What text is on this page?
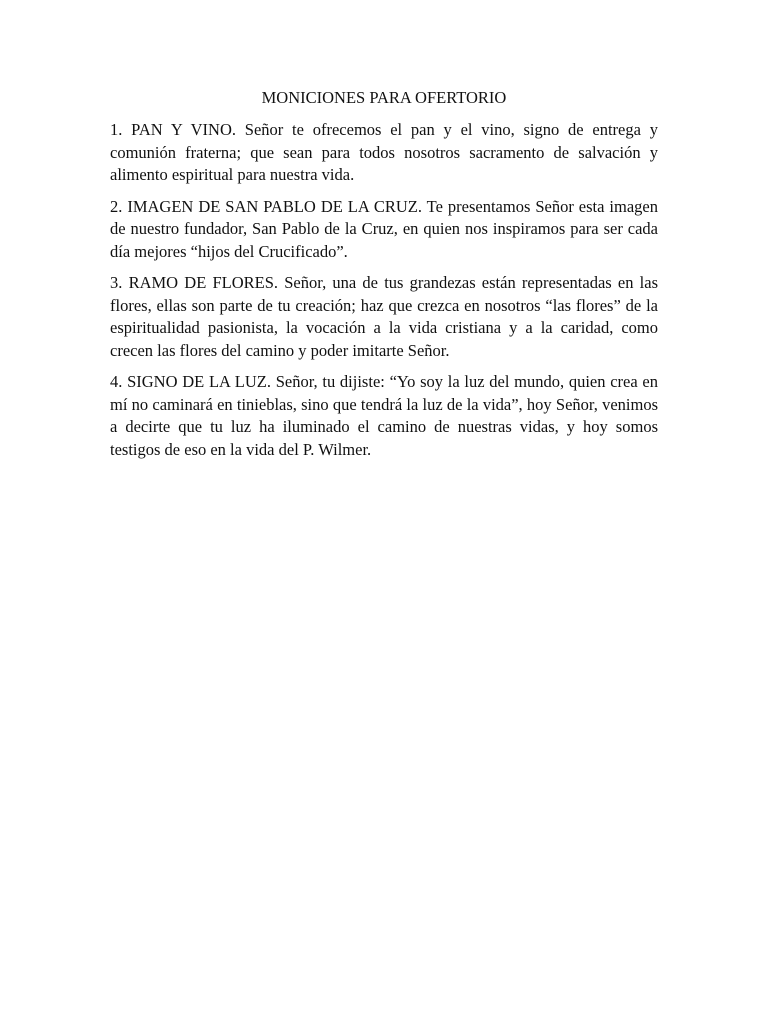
MONICIONES PARA OFERTORIO

1. PAN Y VINO. Señor te ofrecemos el pan y el vino, signo de entrega y comunión fraterna; que sean para todos nosotros sacramento de salvación y alimento espiritual para nuestra vida.

2. IMAGEN DE SAN PABLO DE LA CRUZ. Te presentamos Señor esta imagen de nuestro fundador, San Pablo de la Cruz, en quien nos inspiramos para ser cada día mejores “hijos del Crucificado”.

3. RAMO DE FLORES. Señor, una de tus grandezas están representadas en las flores, ellas son parte de tu creación; haz que crezca en nosotros “las flores” de la espiritualidad pasionista, la vocación a la vida cristiana y a la caridad, como crecen las flores del camino y poder imitarte Señor.

4. SIGNO DE LA LUZ. Señor, tu dijiste: “Yo soy la luz del mundo, quien crea en mí no caminará en tinieblas, sino que tendrá la luz de la vida”, hoy Señor, venimos a decirte que tu luz ha iluminado el camino de nuestras vidas, y hoy somos testigos de eso en la vida del P. Wilmer.
